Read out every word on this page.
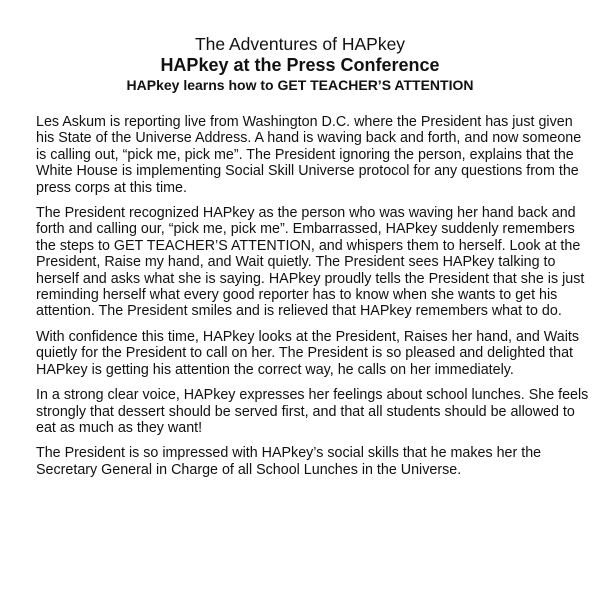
The Adventures of HAPkey
HAPkey at the Press Conference
HAPkey learns how to GET TEACHER’S ATTENTION

Les Askum is reporting live from Washington D.C. where the President has just given
his State of the Universe Address. A hand is waving back and forth, and now someone
is calling out, “pick me, pick me”. The President ignoring the person, explains that the
White House is implementing Social Skill Universe protocol for any questions from the
press corps at this time.

The President recognized HAPkey as the person who was waving her hand back and
forth and calling our, “pick me, pick me”. Embarrassed, HAPkey suddenly remembers
the steps to GET TEACHER’S ATTENTION, and whispers them to herself. Look at the
President, Raise my hand, and Wait quietly. The President sees HAPkey talking to
herself and asks what she is saying. HAPkey proudly tells the President that she is just
reminding herself what every good reporter has to know when she wants to get his
attention. The President smiles and is relieved that HAPkey remembers what to do.

With confidence this time, HAPkey looks at the President, Raises her hand, and Waits
quietly for the President to call on her. The President is so pleased and delighted that
HAPkey is getting his attention the correct way, he calls on her immediately.

In a strong clear voice, HAPkey expresses her feelings about school lunches. She feels
strongly that dessert should be served first, and that all students should be allowed to
eat as much as they want!

The President is so impressed with HAPkey’s social skills that he makes her the
Secretary General in Charge of all School Lunches in the Universe.
